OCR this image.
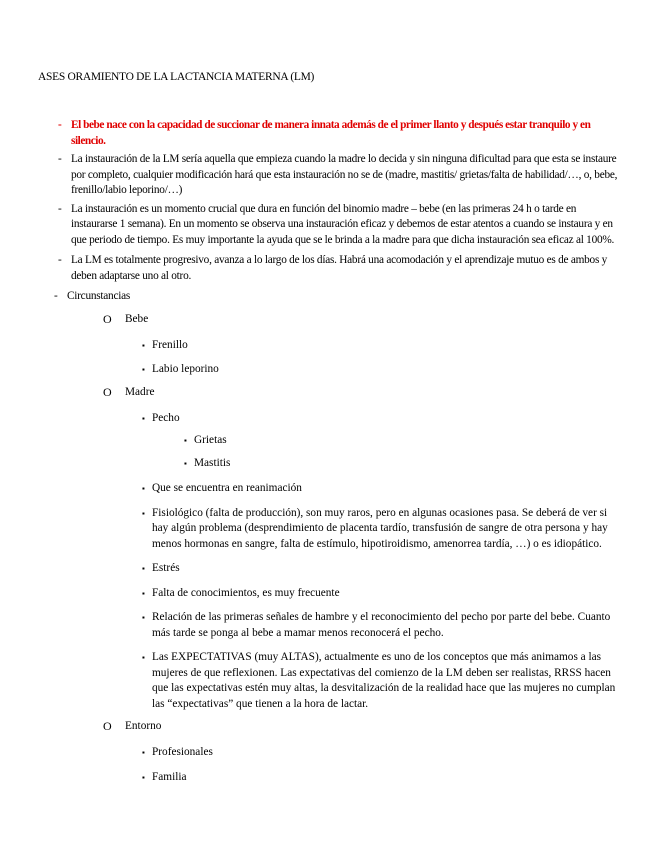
ASES ORAMIENTO DE LA LACTANCIA MATERNA (LM)
- El bebe nace con la capacidad de succionar de manera innata además de el primer llanto y después estar tranquilo y en silencio.
- La instauración de la LM sería aquella que empieza cuando la madre lo decida y sin ninguna dificultad para que esta se instaure por completo, cualquier modificación hará que esta instauración no se de (madre, mastitis/ grietas/falta de habilidad/…, o, bebe, frenillo/labio leporino/…)
- La instauración es un momento crucial que dura en función del binomio madre – bebe (en las primeras 24 h o tarde en instaurarse 1 semana). En un momento se observa una instauración eficaz y debemos de estar atentos a cuando se instaura y en que periodo de tiempo. Es muy importante la ayuda que se le brinda a la madre para que dicha instauración sea eficaz al 100%.
- La LM es totalmente progresivo, avanza a lo largo de los días. Habrá una acomodación y el aprendizaje mutuo es de ambos y deben adaptarse uno al otro.
- Circunstancias
O Bebe
▪ Frenillo
▪ Labio leporino
O Madre
▪ Pecho
▪ Grietas
▪ Mastitis
▪ Que se encuentra en reanimación
▪ Fisiológico (falta de producción), son muy raros, pero en algunas ocasiones pasa. Se deberá de ver si hay algún problema (desprendimiento de placenta tardío, transfusión de sangre de otra persona y hay menos hormonas en sangre, falta de estímulo, hipotiroidismo, amenorrea tardía, …) o es idiopático.
▪ Estrés
▪ Falta de conocimientos, es muy frecuente
▪ Relación de las primeras señales de hambre y el reconocimiento del pecho por parte del bebe. Cuanto más tarde se ponga al bebe a mamar menos reconocerá el pecho.
▪ Las EXPECTATIVAS (muy ALTAS), actualmente es uno de los conceptos que más animamos a las mujeres de que reflexionen. Las expectativas del comienzo de la LM deben ser realistas, RRSS hacen que las expectativas estén muy altas, la desvitalización de la realidad hace que las mujeres no cumplan las “expectativas” que tienen a la hora de lactar.
O Entorno
▪ Profesionales
▪ Familia
